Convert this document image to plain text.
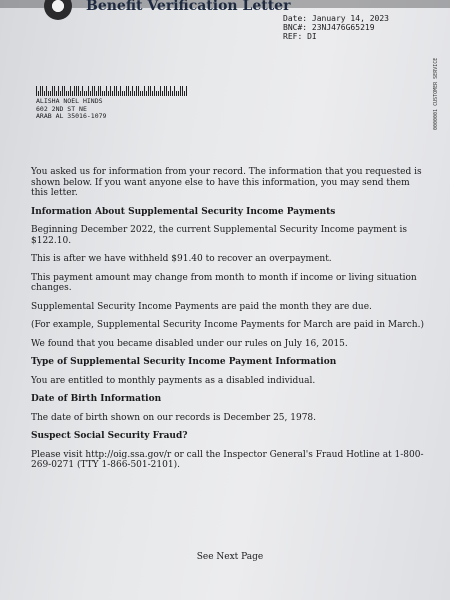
Benefit Verification Letter
Date: January 14, 2023
BNC#: 23NJ476G65219
REF: DI
0000001 CUSTOMER SERVICE
ALISHA NOEL HINDS
602 2ND ST NE
ARAB AL 35016-1079

You asked us for information from your record. The information that you requested is shown below. If you want anyone else to have this information, you may send them this letter.

Information About Supplemental Security Income Payments

Beginning December 2022, the current Supplemental Security Income payment is $122.10.

This is after we have withheld $91.40 to recover an overpayment.

This payment amount may change from month to month if income or living situation changes.

Supplemental Security Income Payments are paid the month they are due.

(For example, Supplemental Security Income Payments for March are paid in March.)

We found that you became disabled under our rules on July 16, 2015.

Type of Supplemental Security Income Payment Information

You are entitled to monthly payments as a disabled individual.

Date of Birth Information

The date of birth shown on our records is December 25, 1978.

Suspect Social Security Fraud?

Please visit http://oig.ssa.gov/r or call the Inspector General's Fraud Hotline at 1-800-269-0271 (TTY 1-866-501-2101).

See Next Page
